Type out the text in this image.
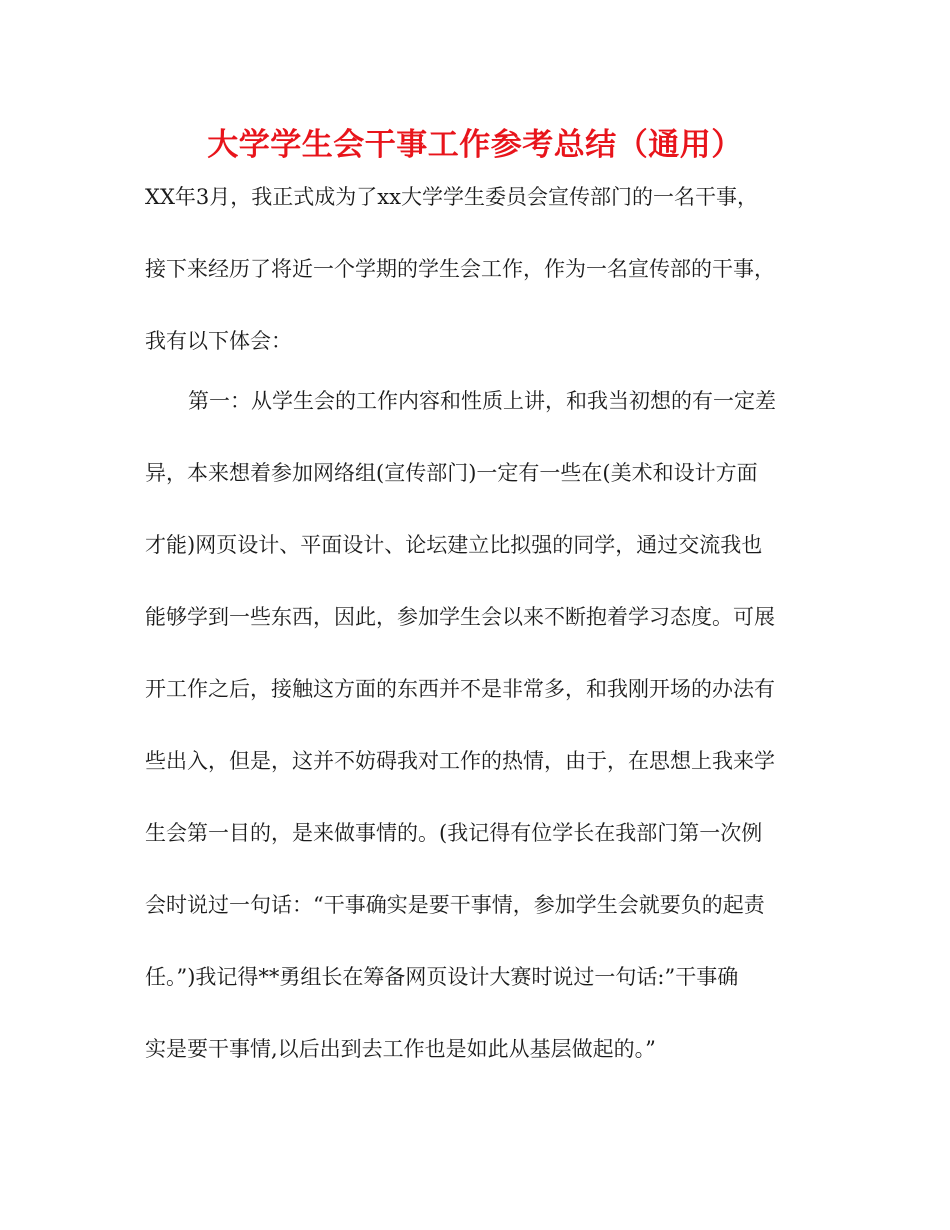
大学学生会干事工作参考总结（通用）
XX年3月，我正式成为了xx大学学生委员会宣传部门的一名干事，
接下来经历了将近一个学期的学生会工作，作为一名宣传部的干事，
我有以下体会：
第一：从学生会的工作内容和性质上讲，和我当初想的有一定差
异，本来想着参加网络组(宣传部门)一定有一些在(美术和设计方面
才能)网页设计、平面设计、论坛建立比拟强的同学，通过交流我也
能够学到一些东西，因此，参加学生会以来不断抱着学习态度。可展
开工作之后，接触这方面的东西并不是非常多，和我刚开场的办法有
些出入，但是，这并不妨碍我对工作的热情，由于，在思想上我来学
生会第一目的，是来做事情的。(我记得有位学长在我部门第一次例
会时说过一句话：“干事确实是要干事情，参加学生会就要负的起责
任。”)我记得**勇组长在筹备网页设计大赛时说过一句话:”干事确
实是要干事情,以后出到去工作也是如此从基层做起的。”
